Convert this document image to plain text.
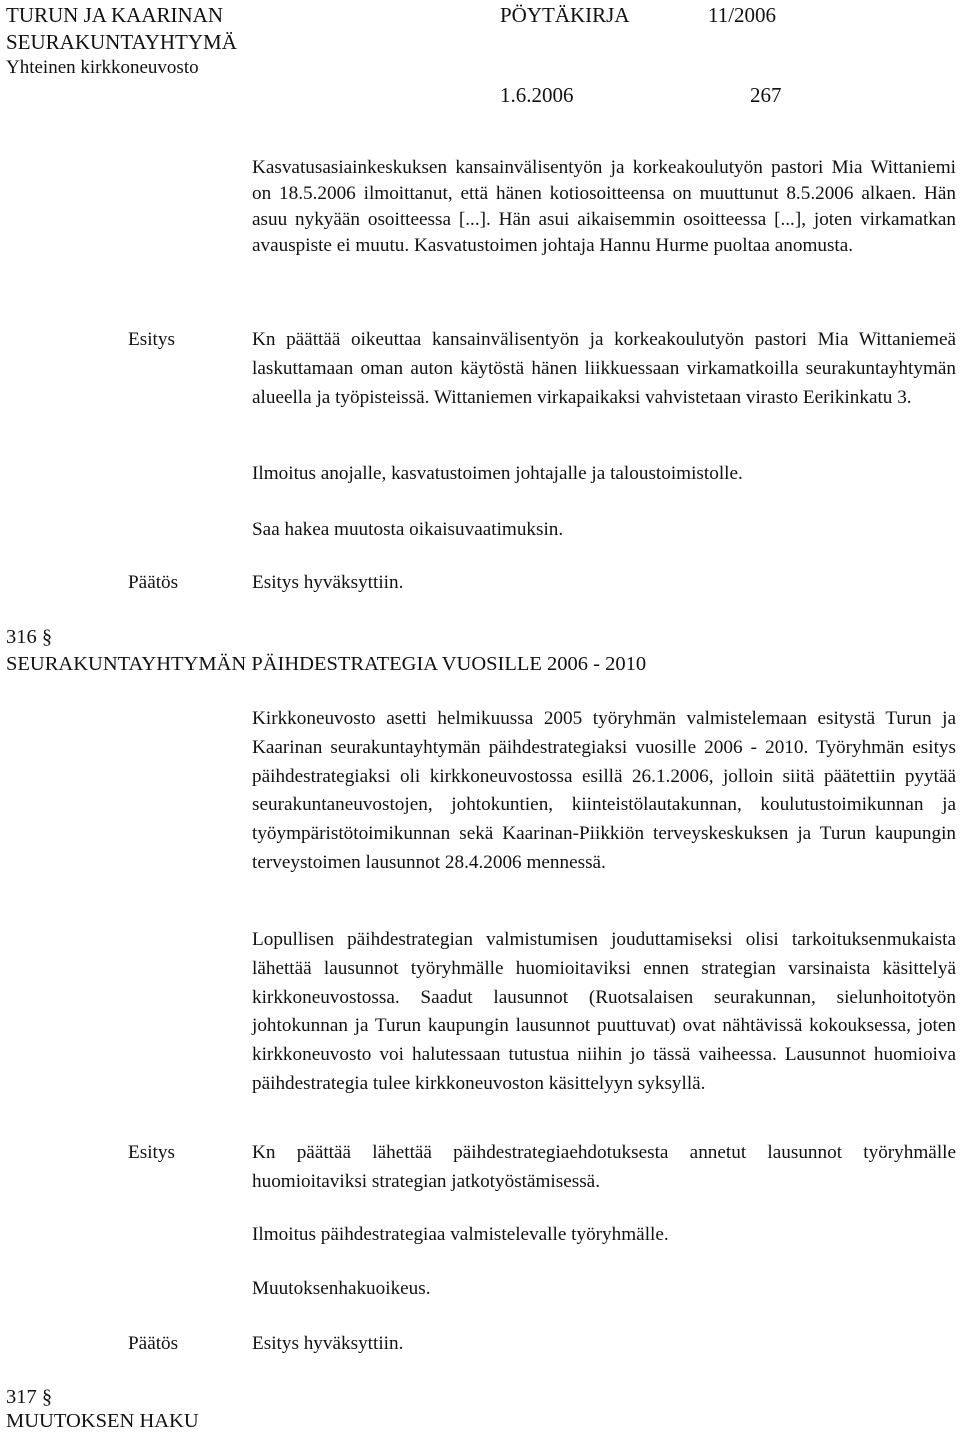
TURUN JA KAARINAN
SEURAKUNTAYHTYMÄ
Yhteinen kirkkoneuvosto
PÖYTÄKIRJA	11/2006
1.6.2006	267

Kasvatusasiainkeskuksen kansainvälisentyön ja korkeakoulutyön pastori Mia Wittaniemi on 18.5.2006 ilmoittanut, että hänen kotiosoitteensa on muuttunut 8.5.2006 alkaen. Hän asuu nykyään osoitteessa [...]. Hän asui aikaisemmin osoitteessa [...], joten virkamatkan avauspiste ei muutu. Kasvatustoimen johtaja Hannu Hurme puoltaa anomusta.

Esitys	Kn päättää oikeuttaa kansainvälisentyön ja korkeakoulutyön pastori Mia Wittaniemeä laskuttamaan oman auton käytöstä hänen liikkuessaan virkamatkoilla seurakuntayhtymän alueella ja työpisteissä. Wittaniemen virkapaikaksi vahvistetaan virasto Eerikinkatu 3.

Ilmoitus anojalle, kasvatustoimen johtajalle ja taloustoimistolle.
Saa hakea muutosta oikaisuvaatimuksin.
Päätös	Esitys hyväksyttiin.
316 §
SEURAKUNTAYHTYMÄN PÄIHDESTRATEGIA VUOSILLE 2006 - 2010

Kirkkoneuvosto asetti helmikuussa 2005 työryhmän valmistelemaan esitystä Turun ja Kaarinan seurakuntayhtymän päihdestrategiaksi vuosille 2006 - 2010. Työryhmän esitys päihdestrategiaksi oli kirkkoneuvostossa esillä 26.1.2006, jolloin siitä päätettiin pyytää seurakuntaneuvostojen, johtokuntien, kiinteistölautakunnan, koulutustoimikunnan ja työympäristötoimikunnan sekä Kaarinan-Piikkiön terveyskeskuksen ja Turun kaupungin terveystoimen lausunnot 28.4.2006 mennessä.

Lopullisen päihdestrategian valmistumisen jouduttamiseksi olisi tarkoituksenmukaista lähettää lausunnot työryhmälle huomioitaviksi ennen strategian varsinaista käsittelyä kirkkoneuvostossa. Saadut lausunnot (Ruotsalaisen seurakunnan, sielunhoitotyön johtokunnan ja Turun kaupungin lausunnot puuttuvat) ovat nähtävissä kokouksessa, joten kirkkoneuvosto voi halutessaan tutustua niihin jo tässä vaiheessa. Lausunnot huomioiva päihdestrategia tulee kirkkoneuvoston käsittelyyn syksyllä.

Esitys	Kn päättää lähettää päihdestrategiaehdotuksesta annetut lausunnot työryhmälle huomioitaviksi strategian jatkotyöstämisessä.

Ilmoitus päihdestrategiaa valmistelevalle työryhmälle.
Muutoksenhakuoikeus.
Päätös	Esitys hyväksyttiin.
317 §
MUUTOKSEN HAKU
